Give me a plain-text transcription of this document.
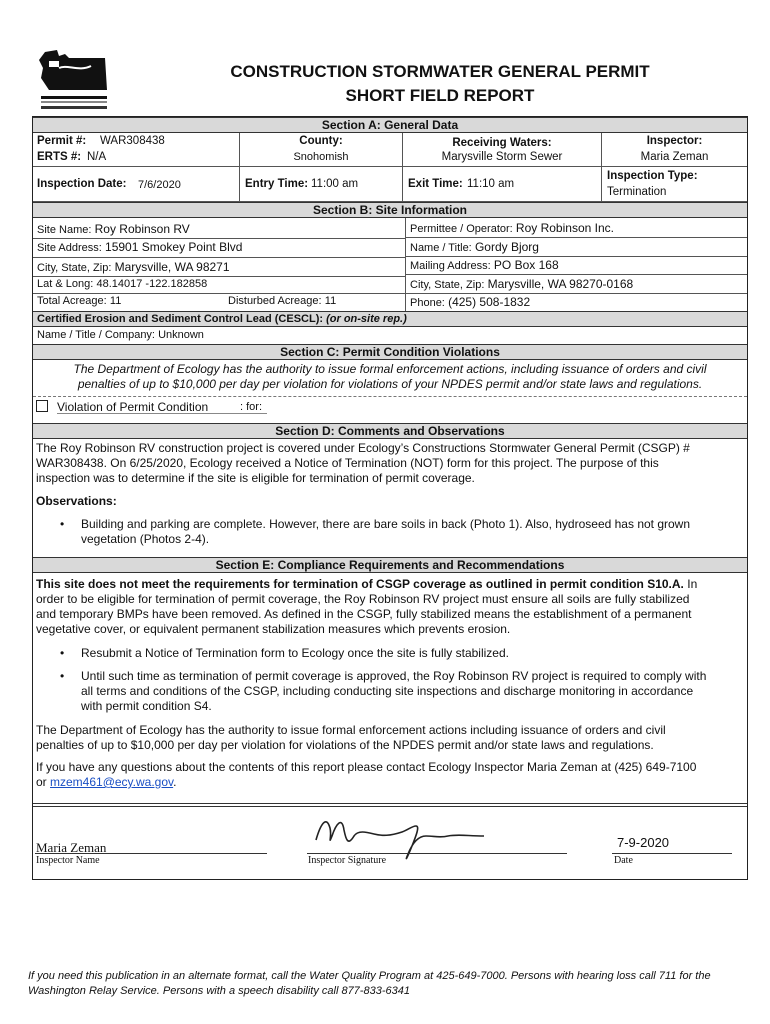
CONSTRUCTION STORMWATER GENERAL PERMIT
SHORT FIELD REPORT
Section A: General Data
Permit #: WAR308438
ERTS #: N/A
County:
Snohomish
Receiving Waters:
Marysville Storm Sewer
Inspector:
Maria Zeman
Inspection Date: 7/6/2020	Entry Time: 11:00 am	Exit Time: 11:10 am
Inspection Type:
Termination
Section B: Site Information
Site Name: Roy Robinson RV
Site Address: 15901 Smokey Point Blvd
City, State, Zip: Marysville, WA 98271
Lat & Long: 48.14017 -122.182858
Total Acreage: 11	Disturbed Acreage: 11
Permittee / Operator: Roy Robinson Inc.
Name / Title: Gordy Bjorg
Mailing Address: PO Box 168
City, State, Zip: Marysville, WA 98270-0168
Phone: (425) 508-1832
Certified Erosion and Sediment Control Lead (CESCL): (or on-site rep.)
Name / Title / Company: Unknown
Section C: Permit Condition Violations
The Department of Ecology has the authority to issue formal enforcement actions, including issuance of orders and civil
penalties of up to $10,000 per day per violation for violations of your NPDES permit and/or state laws and regulations.
Violation of Permit Condition	: for:
Section D: Comments and Observations
The Roy Robinson RV construction project is covered under Ecology’s Constructions Stormwater General Permit (CSGP) #
WAR308438. On 6/25/2020, Ecology received a Notice of Termination (NOT) form for this project. The purpose of this
inspection was to determine if the site is eligible for termination of permit coverage.
Observations:
• Building and parking are complete. However, there are bare soils in back (Photo 1). Also, hydroseed has not grown
vegetation (Photos 2-4).
Section E: Compliance Requirements and Recommendations
This site does not meet the requirements for termination of CSGP coverage as outlined in permit condition S10.A. In
order to be eligible for termination of permit coverage, the Roy Robinson RV project must ensure all soils are fully stabilized
and temporary BMPs have been removed. As defined in the CSGP, fully stabilized means the establishment of a permanent
vegetative cover, or equivalent permanent stabilization measures which prevents erosion.
• Resubmit a Notice of Termination form to Ecology once the site is fully stabilized.
• Until such time as termination of permit coverage is approved, the Roy Robinson RV project is required to comply with
all terms and conditions of the CSGP, including conducting site inspections and discharge monitoring in accordance
with permit condition S4.
The Department of Ecology has the authority to issue formal enforcement actions including issuance of orders and civil
penalties of up to $10,000 per day per violation for violations of the NPDES permit and/or state laws and regulations.
If you have any questions about the contents of this report please contact Ecology Inspector Maria Zeman at (425) 649-7100
or mzem461@ecy.wa.gov.
Maria Zeman
Inspector Name	Inspector Signature
7-9-2020
Date
If you need this publication in an alternate format, call the Water Quality Program at 425-649-7000. Persons with hearing loss call 711 for the
Washington Relay Service. Persons with a speech disability call 877-833-6341
